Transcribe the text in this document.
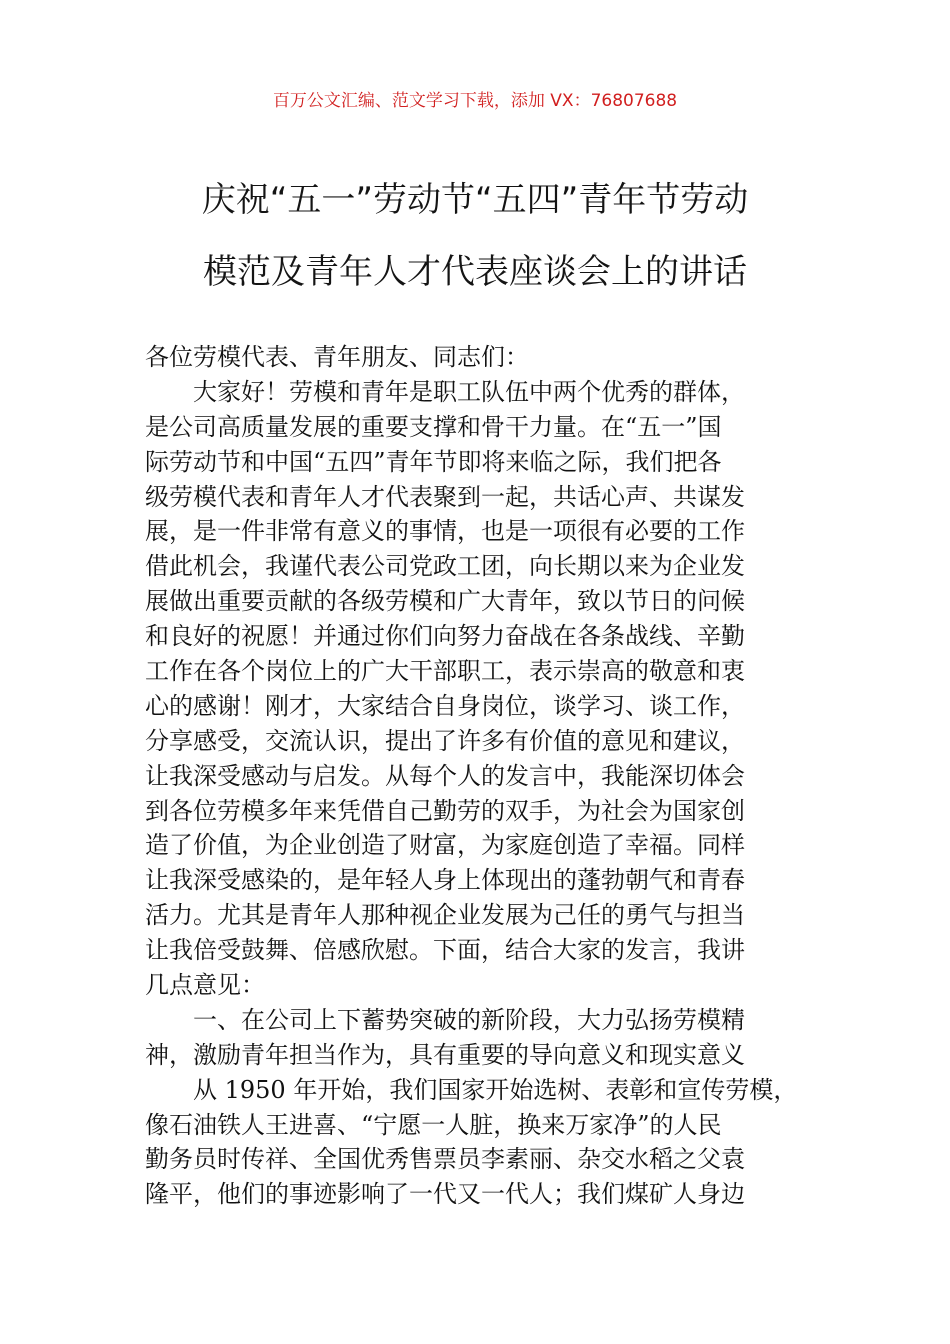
百万公文汇编、范文学习下载，添加 VX：76807688
庆祝“五一”劳动节“五四”青年节劳动
模范及青年人才代表座谈会上的讲话
各位劳模代表、青年朋友、同志们：
大家好！劳模和青年是职工队伍中两个优秀的群体，
是公司高质量发展的重要支撑和骨干力量。在“五一”国
际劳动节和中国“五四”青年节即将来临之际，我们把各
级劳模代表和青年人才代表聚到一起，共话心声、共谋发
展，是一件非常有意义的事情，也是一项很有必要的工作
借此机会，我谨代表公司党政工团，向长期以来为企业发
展做出重要贡献的各级劳模和广大青年，致以节日的问候
和良好的祝愿！并通过你们向努力奋战在各条战线、辛勤
工作在各个岗位上的广大干部职工，表示崇高的敬意和衷
心的感谢！刚才，大家结合自身岗位，谈学习、谈工作，
分享感受，交流认识，提出了许多有价值的意见和建议，
让我深受感动与启发。从每个人的发言中，我能深切体会
到各位劳模多年来凭借自己勤劳的双手，为社会为国家创
造了价值，为企业创造了财富，为家庭创造了幸福。同样
让我深受感染的，是年轻人身上体现出的蓬勃朝气和青春
活力。尤其是青年人那种视企业发展为己任的勇气与担当
让我倍受鼓舞、倍感欣慰。下面，结合大家的发言，我讲
几点意见：
一、在公司上下蓄势突破的新阶段，大力弘扬劳模精
神，激励青年担当作为，具有重要的导向意义和现实意义
从 1950 年开始，我们国家开始选树、表彰和宣传劳模，
像石油铁人王进喜、“宁愿一人脏，换来万家净”的人民
勤务员时传祥、全国优秀售票员李素丽、杂交水稻之父袁
隆平，他们的事迹影响了一代又一代人；我们煤矿人身边
